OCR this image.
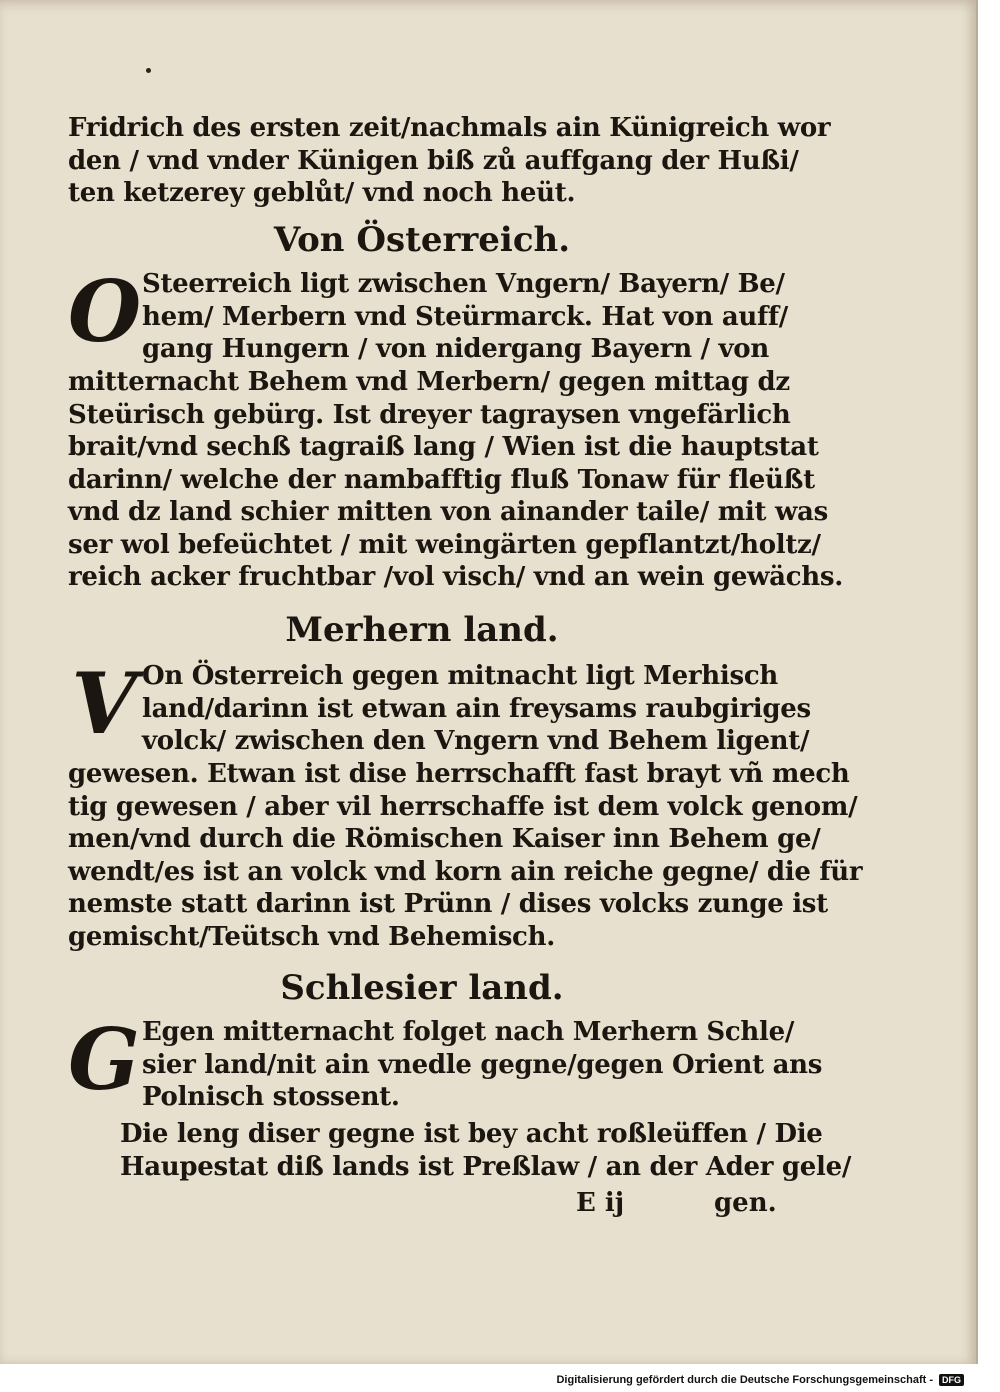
Fridrich des ersten zeit/nachmals ain Künigreich wor
den / vnd vnder Künigen biß zů auffgang der Hußi/
ten ketzerey geblůt/ vnd noch heüt.
Von Österreich.
O Steerreich ligt zwischen Vngern/ Bayern/ Be/
hem/ Merbern vnd Steürmarck. Hat von auff/
gang Hungern / von nidergang Bayern / von
mitternacht Behem vnd Merbern/ gegen mittag dz
Steürisch gebürg. Ist dreyer tagraysen vngefärlich
brait/vnd sechß tagraiß lang / Wien ist die hauptstat
darinn/ welche der nambafftig fluß Tonaw für fleüßt
vnd dz land schier mitten von ainander taile/ mit was
ser wol befeüchtet / mit weingärten gepflantzt/holtz/
reich acker fruchtbar /vol visch/ vnd an wein gewächs.
Merhern land.
V On Österreich gegen mitnacht ligt Merhisch
land/darinn ist etwan ain freysams raubgiriges
volck/ zwischen den Vngern vnd Behem ligent/
gewesen. Etwan ist dise herrschafft fast brayt vñ mech
tig gewesen / aber vil herrschaffe ist dem volck genom/
men/vnd durch die Römischen Kaiser inn Behem ge/
wendt/es ist an volck vnd korn ain reiche gegne/ die für
nemste statt darinn ist Prünn / dises volcks zunge ist
gemischt/Teütsch vnd Behemisch.
Schlesier land.
G Egen mitternacht folget nach Merhern Schle/
sier land/nit ain vnedle gegne/gegen Orient ans
Polnisch stossent.
Die leng diser gegne ist bey acht roßleüffen / Die
Haupestat diß lands ist Preßlaw / an der Ader gele/
E ij	gen.
Digitalisierung gefördert durch die Deutsche Forschungsgemeinschaft -	DFG
